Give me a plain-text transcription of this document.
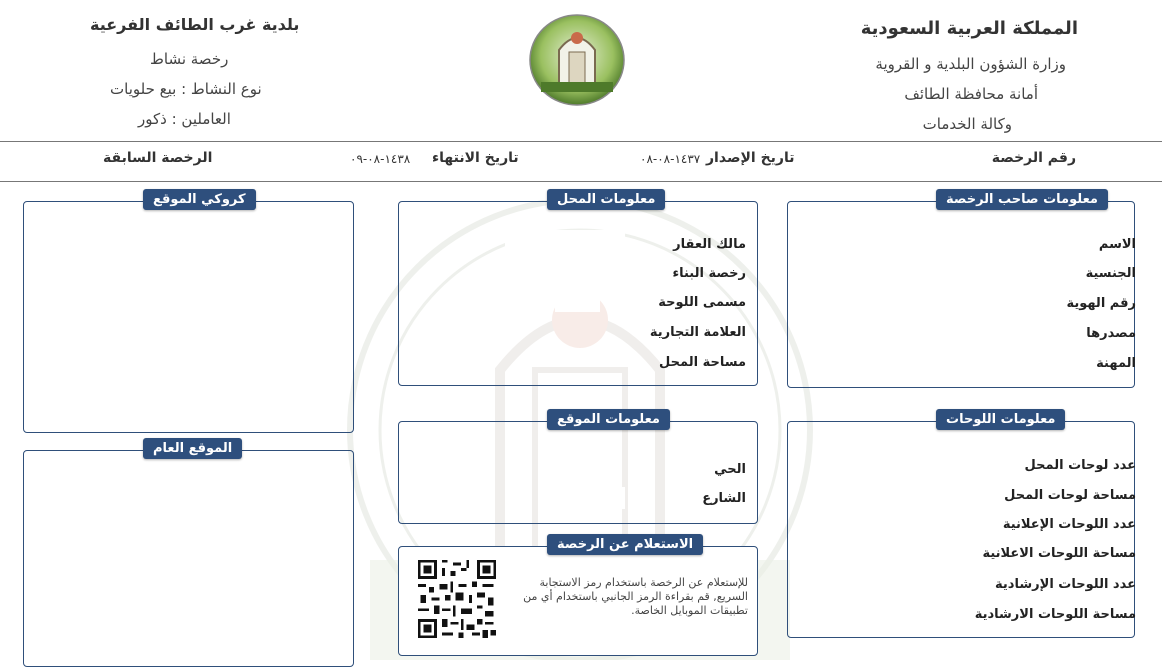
المملكة العربية السعودية
وزارة الشؤون البلدية و القروية
أمانة محافظة الطائف
وكالة الخدمات
بلدية غرب الطائف الفرعية
رخصة نشاط
نوع النشاط : بيع حلويات
العاملين : ذكور
رقم الرخصة
تاريخ الإصدار
١٤٣٧-٠٨-٠٨
تاريخ الانتهاء
١٤٣٨-٠٨-٠٩
الرخصة السابقة
معلومات صاحب الرخصة
الاسم
الجنسية
رقم الهوية
مصدرها
المهنة
معلومات المحل
مالك العقار
رخصة البناء
مسمى اللوحة
العلامة التجارية
مساحة المحل
كروكي الموقع
معلومات اللوحات
عدد لوحات المحل
مساحة لوحات المحل
عدد اللوحات الإعلانية
مساحة اللوحات الاعلانية
عدد اللوحات الإرشادية
مساحة اللوحات الارشادية
معلومات الموقع
الحي
الشارع
الموقع العام
الاستعلام عن الرخصة
للإستعلام عن الرخصة باستخدام رمز الاستجابة السريع, قم بقراءة الرمز الجانبي باستخدام أي من تطبيقات الموبايل الخاصة.
